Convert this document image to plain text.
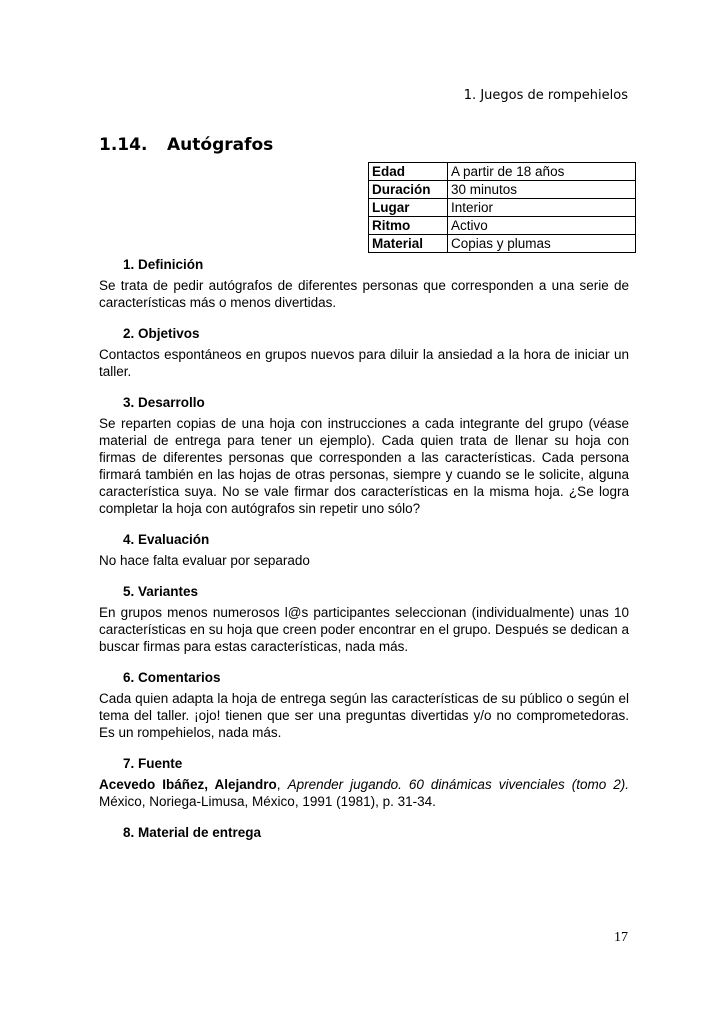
1. Juegos de rompehielos
1.14. Autógrafos
Edad	A partir de 18 años
Duración	30 minutos
Lugar	Interior
Ritmo	Activo
Material	Copias y plumas
1. Definición

Se trata de pedir autógrafos de diferentes personas que corresponden a una serie de características más o menos divertidas.

2. Objetivos

Contactos espontáneos en grupos nuevos para diluir la ansiedad a la hora de iniciar un taller.

3. Desarrollo

Se reparten copias de una hoja con instrucciones a cada integrante del grupo (véase material de entrega para tener un ejemplo). Cada quien trata de llenar su hoja con firmas de diferentes personas que corresponden a las características. Cada persona firmará también en las hojas de otras personas, siempre y cuando se le solicite, alguna característica suya. No se vale firmar dos características en la misma hoja. ¿Se logra completar la hoja con autógrafos sin repetir uno sólo?

4. Evaluación

No hace falta evaluar por separado

5. Variantes

En grupos menos numerosos l@s participantes seleccionan (individualmente) unas 10 características en su hoja que creen poder encontrar en el grupo. Después se dedican a buscar firmas para estas características, nada más.

6. Comentarios

Cada quien adapta la hoja de entrega según las características de su público o según el tema del taller. ¡ojo! tienen que ser una preguntas divertidas y/o no comprometedoras. Es un rompehielos, nada más.

7. Fuente

Acevedo Ibáñez, Alejandro, Aprender jugando. 60 dinámicas vivenciales (tomo 2). México, Noriega-Limusa, México, 1991 (1981), p. 31-34.

8. Material de entrega
17
